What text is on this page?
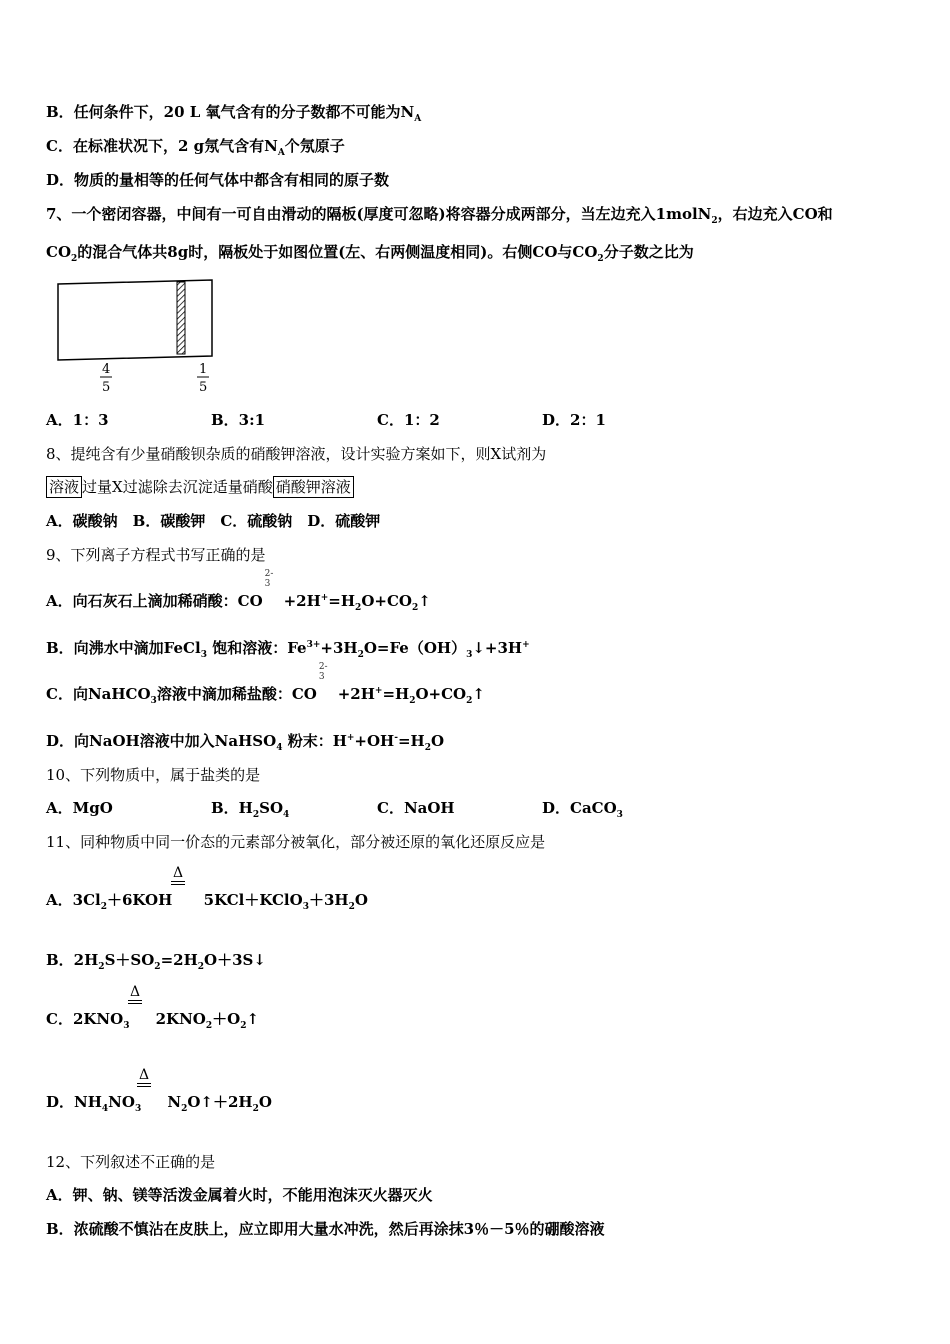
B．任何条件下，20 L 氧气含有的分子数都不可能为$N_A$
C．在标准状况下，2 g氖气含有$N_A$个氖原子
D．物质的量相等的任何气体中都含有相同的原子数
7、一个密闭容器，中间有一可自由滑动的隔板(厚度可忽略)将容器分成两部分，当左边充入1molN$_2$，右边充入CO和
$CO_2$的混合气体共8g时，隔板处于如图位置(左、右两侧温度相同)。右侧CO与$CO_2$分子数之比为
4
5
1
5
A．1：3	B．3:1	C．1：2	D．2：1
8、提纯含有少量硝酸钡杂质的硝酸钾溶液，设计实验方案如下，则X试剂为
溶液 过量X过滤除去沉淀适量硝酸 硝酸钾溶液
A．碳酸钠　B．碳酸钾　C．硫酸钠　D．硫酸钾
9、下列离子方程式书写正确的是
A．向石灰石上滴加稀硝酸：CO
2-
3
$+2H^+=H_2O+CO_2↑$
B．向沸水中滴加FeCl$_3$ 饱和溶液：$Fe^{3+}+3H_2O=Fe(OH)_3↓+3H^+$
C．向NaHCO$_3$溶液中滴加稀盐酸：CO
2-
3
$+2H^+=H_2O+CO_2↑$
D．向NaOH溶液中加入NaHSO$_4$ 粉末：$H^++OH^-=H_2O$
10、下列物质中，属于盐类的是
A．MgO	B．$H_2SO_4$	C．NaOH	D．CaCO$_3$
11、同种物质中同一价态的元素部分被氧化，部分被还原的氧化还原反应是
Δ
A．$3Cl_2+6KOH$ $5KCl+KClO_3+3H_2O$
B．$2H_2S+SO_2=2H_2O+3S↓$
Δ
C．$2KNO_3$ $2KNO_2+O_2↑$
Δ
D．$NH_4NO_3$ $N_2O↑+2H_2O$
12、下列叙述不正确的是
A．钾、钠、镁等活泼金属着火时，不能用泡沫灭火器灭火
B．浓硫酸不慎沾在皮肤上，应立即用大量水冲洗，然后再涂抹3％－5％的硼酸溶液
